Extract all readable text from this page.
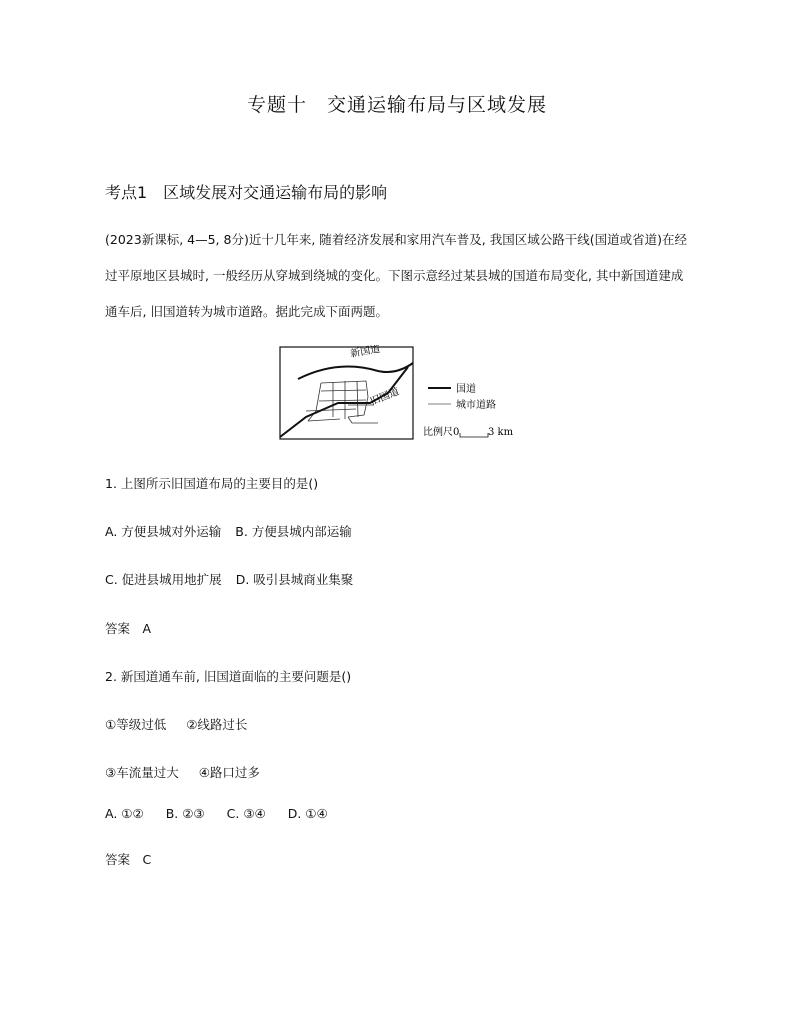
专题十　交通运输布局与区域发展
考点1　区域发展对交通运输布局的影响
(2023新课标, 4—5, 8分)近十几年来, 随着经济发展和家用汽车普及, 我国区域公路干线(国道或省道)在经过平原地区县城时, 一般经历从穿城到绕城的变化。下图示意经过某县城的国道布局变化, 其中新国道建成通车后, 旧国道转为城市道路。据此完成下面两题。
新国道
旧国道	国道
城市道路
比例尺 0	3 km
1. 上图所示旧国道布局的主要目的是()
A. 方便县城对外运输 B. 方便县城内部运输
C. 促进县城用地扩展 D. 吸引县城商业集聚
答案　A
2. 新国道通车前, 旧国道面临的主要问题是()
①等级过低 ②线路过长
③车流量过大 ④路口过多
A. ①② B. ②③ C. ③④ D. ①④
答案　C
